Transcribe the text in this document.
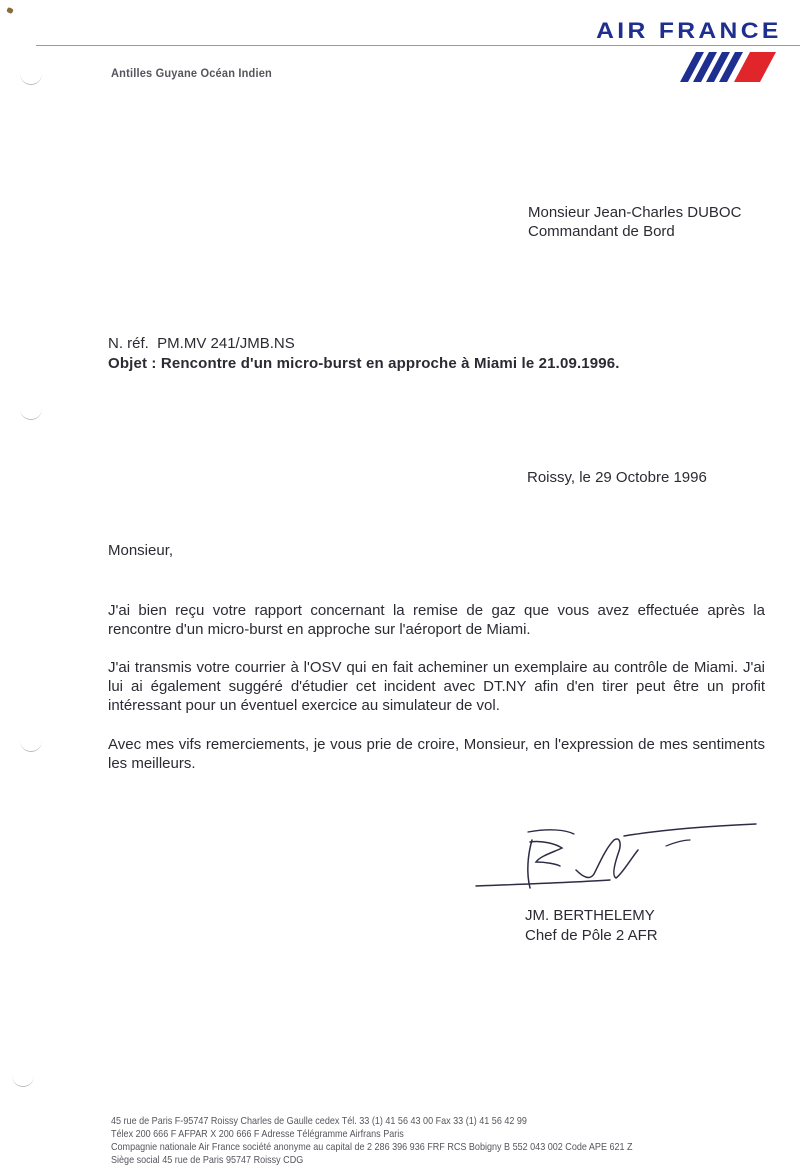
AIR FRANCE
Antilles Guyane Océan Indien
Monsieur Jean-Charles DUBOC
Commandant de Bord
N. réf.  PM.MV 241/JMB.NS
Objet : Rencontre d'un micro-burst en approche à Miami le 21.09.1996.
Roissy, le 29 Octobre 1996
Monsieur,
J'ai bien reçu votre rapport concernant la remise de gaz que vous avez effectuée après la rencontre d'un micro-burst en approche sur l'aéroport de Miami.
J'ai transmis votre courrier à l'OSV qui en fait acheminer un exemplaire au contrôle de Miami. J'ai lui ai également suggéré d'étudier cet incident avec DT.NY afin d'en tirer peut être un profit intéressant pour un éventuel exercice au simulateur de vol.
Avec mes vifs remerciements, je vous prie de croire, Monsieur, en l'expression de mes sentiments les meilleurs.
JM. BERTHELEMY
Chef de Pôle 2 AFR
45 rue de Paris F-95747 Roissy Charles de Gaulle cedex Tél. 33 (1) 41 56 43 00 Fax 33 (1) 41 56 42 99
Télex 200 666 F AFPAR X 200 666 F Adresse Télégramme Airfrans Paris
Compagnie nationale Air France société anonyme au capital de 2 286 396 936 FRF RCS Bobigny B 552 043 002 Code APE 621 Z
Siège social 45 rue de Paris 95747 Roissy CDG
